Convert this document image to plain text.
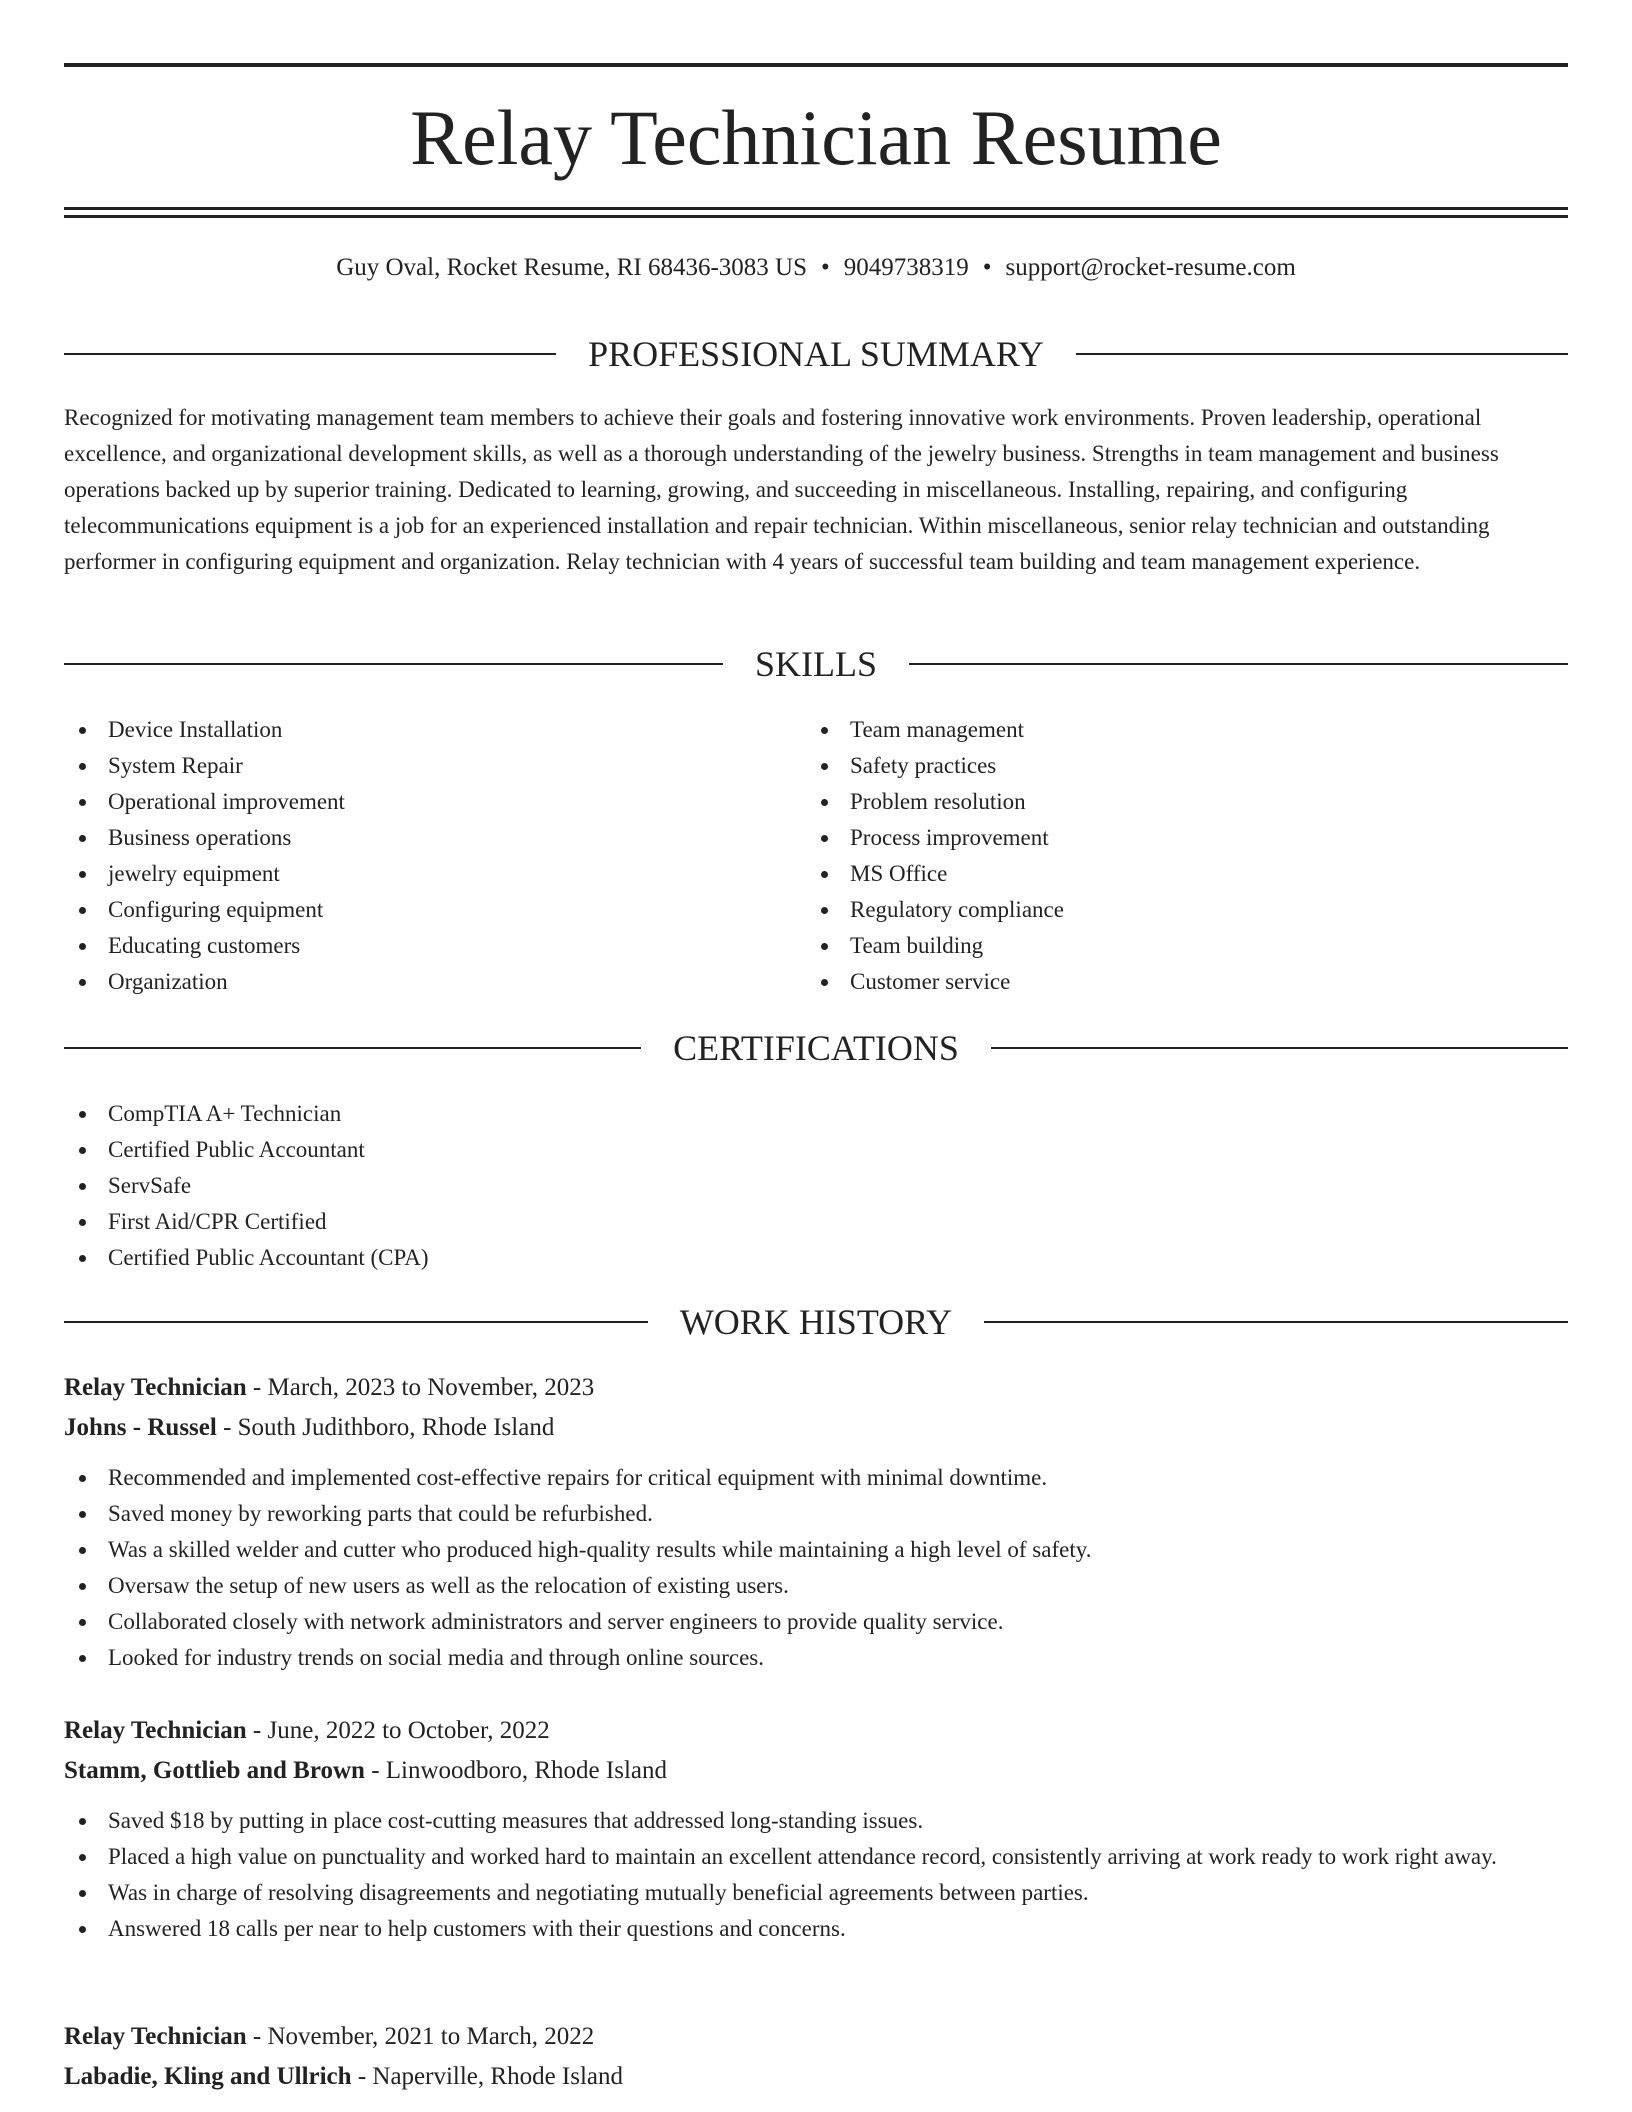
Relay Technician Resume
Guy Oval, Rocket Resume, RI 68436-3083 US • 9049738319 • support@rocket-resume.com
PROFESSIONAL SUMMARY

Recognized for motivating management team members to achieve their goals and fostering innovative work environments. Proven leadership, operational excellence, and organizational development skills, as well as a thorough understanding of the jewelry business. Strengths in team management and business operations backed up by superior training. Dedicated to learning, growing, and succeeding in miscellaneous. Installing, repairing, and configuring telecommunications equipment is a job for an experienced installation and repair technician. Within miscellaneous, senior relay technician and outstanding performer in configuring equipment and organization. Relay technician with 4 years of successful team building and team management experience.

SKILLS
Device Installation
System Repair
Operational improvement
Business operations
jewelry equipment
Configuring equipment
Educating customers
Organization
Team management
Safety practices
Problem resolution
Process improvement
MS Office
Regulatory compliance
Team building
Customer service
CERTIFICATIONS
CompTIA A+ Technician
Certified Public Accountant
ServSafe
First Aid/CPR Certified
Certified Public Accountant (CPA)
WORK HISTORY
Relay Technician - March, 2023 to November, 2023
Johns - Russel - South Judithboro, Rhode Island
Recommended and implemented cost-effective repairs for critical equipment with minimal downtime.
Saved money by reworking parts that could be refurbished.
Was a skilled welder and cutter who produced high-quality results while maintaining a high level of safety.
Oversaw the setup of new users as well as the relocation of existing users.
Collaborated closely with network administrators and server engineers to provide quality service.
Looked for industry trends on social media and through online sources.
Relay Technician - June, 2022 to October, 2022
Stamm, Gottlieb and Brown - Linwoodboro, Rhode Island
Saved $18 by putting in place cost-cutting measures that addressed long-standing issues.
Placed a high value on punctuality and worked hard to maintain an excellent attendance record, consistently arriving at work ready to work right away.
Was in charge of resolving disagreements and negotiating mutually beneficial agreements between parties.
Answered 18 calls per near to help customers with their questions and concerns.
Relay Technician - November, 2021 to March, 2022
Labadie, Kling and Ullrich - Naperville, Rhode Island
